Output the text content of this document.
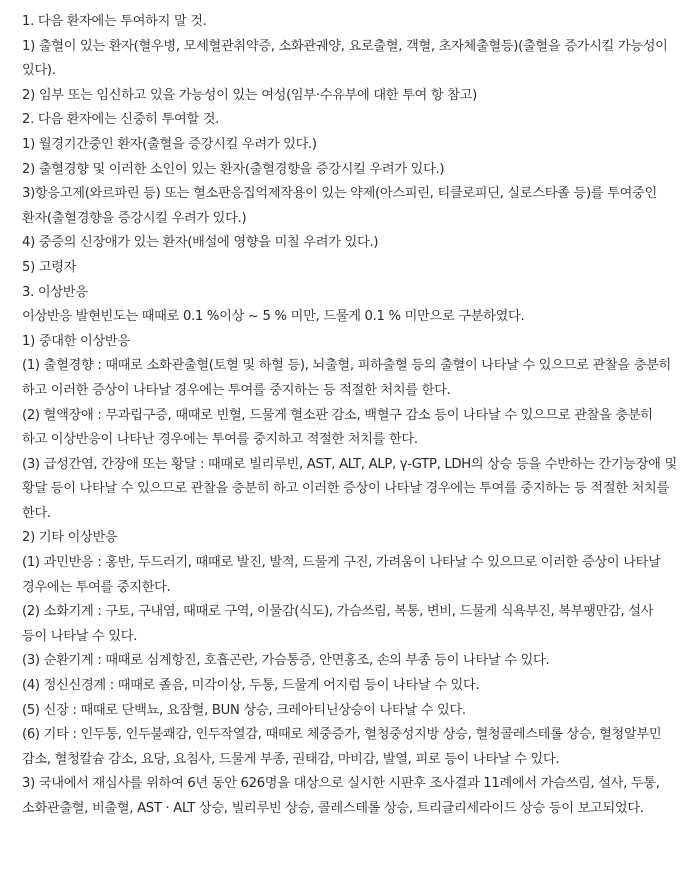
1. 다음 환자에는 투여하지 말 것.

1) 출혈이 있는 환자(혈우병, 모세혈관취약증, 소화관궤양, 요로출혈, 객혈, 초자체출혈등)(출혈을 증가시킬 가능성이 있다).

2) 임부 또는 임신하고 있을 가능성이 있는 여성(임부·수유부에 대한 투여 항 참고)

2. 다음 환자에는 신중히 투여할 것.

1) 월경기간중인 환자(출혈을 증강시킬 우려가 있다.)

2) 출혈경향 및 이러한 소인이 있는 환자(출혈경향을 증강시킬 우려가 있다.)

3)항응고제(와르파린 등) 또는 혈소판응집억제작용이 있는 약제(아스피린, 티클로피딘, 실로스타졸 등)를 투여중인 환자(출혈경향을 증강시킬 우려가 있다.)

4) 중증의 신장애가 있는 환자(배설에 영향을 미칠 우려가 있다.)

5) 고령자

3. 이상반응

이상반응 발현빈도는 때때로 0.1 %이상 ~ 5 % 미만, 드물게 0.1 % 미만으로 구분하였다.

1) 중대한 이상반응

(1) 출혈경향 : 때때로 소화관출혈(토혈 및 하혈 등), 뇌출혈, 피하출혈 등의 출혈이 나타날 수 있으므로 관찰을 충분히 하고 이러한 증상이 나타날 경우에는 투여를 중지하는 등 적절한 처치를 한다.

(2) 혈액장애 : 무과립구증, 때때로 빈혈, 드물게 혈소판 감소, 백혈구 감소 등이 나타날 수 있으므로 관찰을 충분히 하고 이상반응이 나타난 경우에는 투여를 중지하고 적절한 처치를 한다.

(3) 급성간염, 간장애 또는 황달 : 때때로 빌리루빈, AST, ALT, ALP, γ-GTP, LDH의 상승 등을 수반하는 간기능장애 및 황달 등이 나타날 수 있으므로 관찰을 충분히 하고 이러한 증상이 나타날 경우에는 투여를 중지하는 등 적절한 처치를 한다.

2) 기타 이상반응

(1) 과민반응 : 홍반, 두드러기, 때때로 발진, 발적, 드물게 구진, 가려움이 나타날 수 있으므로 이러한 증상이 나타날 경우에는 투여를 중지한다.

(2) 소화기계 : 구토, 구내염, 때때로 구역, 이물감(식도), 가슴쓰림, 복통, 변비, 드물게 식욕부진, 복부팽만감, 설사 등이 나타날 수 있다.

(3) 순환기계 : 때때로 심계항진, 호흡곤란, 가슴통증, 안면홍조, 손의 부종 등이 나타날 수 있다.

(4) 정신신경계 : 때때로 졸음, 미각이상, 두통, 드물게 어지럼 등이 나타날 수 있다.

(5) 신장 : 때때로 단백뇨, 요잠혈, BUN 상승, 크레아티닌상승이 나타날 수 있다.

(6) 기타 : 인두통, 인두불쾌감, 인두작열감, 때때로 체중증가, 혈청중성지방 상승, 혈청콜레스테롤 상승, 혈청알부민 감소, 혈청칼슘 감소, 요당, 요침사, 드물게 부종, 권태감, 마비감, 발열, 피로 등이 나타날 수 있다.

3) 국내에서 재심사를 위하여 6년 동안 626명을 대상으로 실시한 시판후 조사결과 11례에서 가슴쓰림, 설사, 두통, 소화관출혈, 비출혈, AST · ALT 상승, 빌리루빈 상승, 콜레스테롤 상승, 트리글리세라이드 상승 등이 보고되었다.
